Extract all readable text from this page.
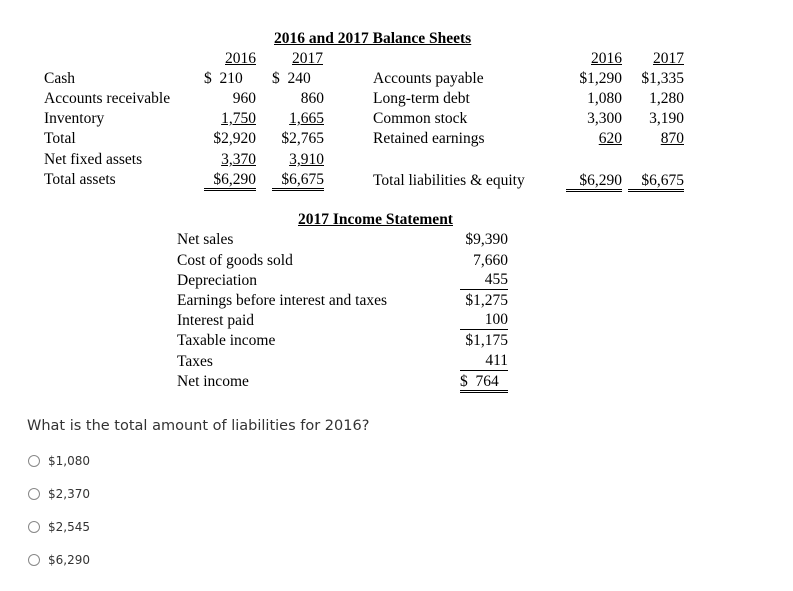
2016 and 2017 Balance Sheets
2016	2017
Cash	$  210	$  240
Accounts receivable	960	860
Inventory	1,750	1,665
Total	$2,920	$2,765
Net fixed assets	3,370	3,910
Total assets	$6,290	$6,675
2016	2017
Accounts payable	$1,290	$1,335
Long-term debt	1,080	1,280
Common stock	3,300	3,190
Retained earnings	620	870
Total liabilities & equity	$6,290	$6,675
2017 Income Statement
Net sales	$9,390
Cost of goods sold	7,660
Depreciation	455
Earnings before interest and taxes	$1,275
Interest paid	100
Taxable income	$1,175
Taxes	411
Net income	$  764
What is the total amount of liabilities for 2016?
$1,080
$2,370
$2,545
$6,290
